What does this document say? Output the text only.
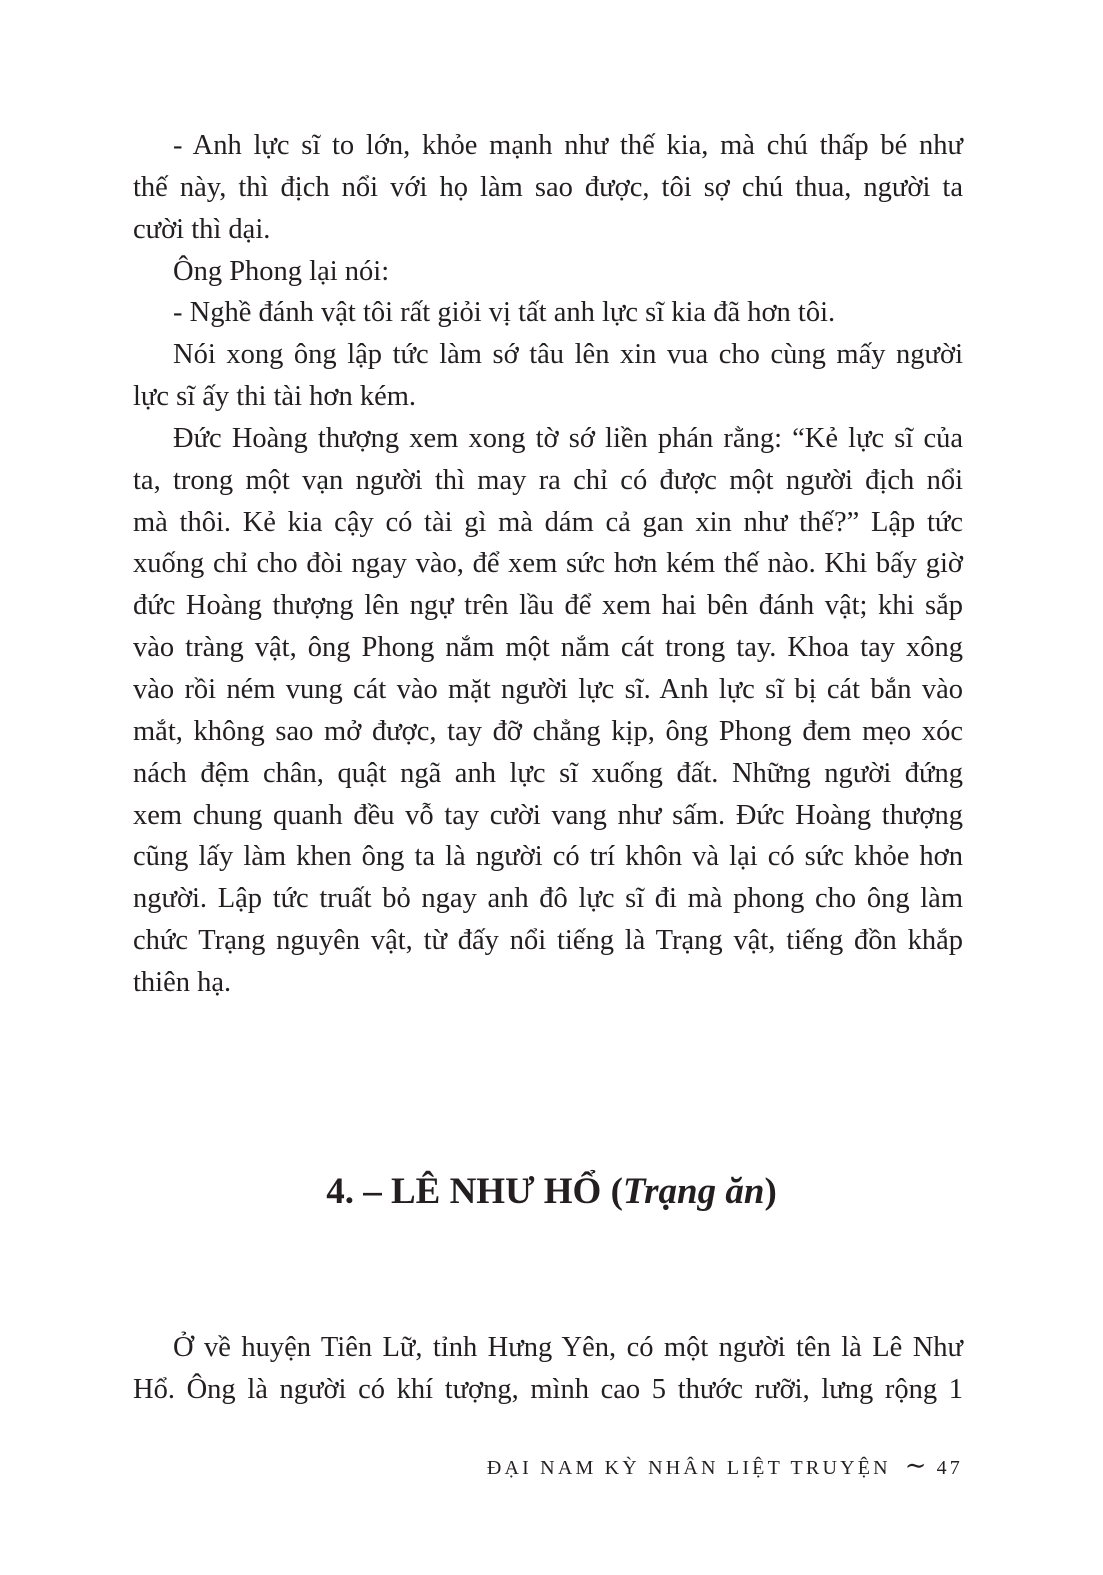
- Anh lực sĩ to lớn, khỏe mạnh như thế kia, mà chú thấp bé như
thế này, thì địch nổi với họ làm sao được, tôi sợ chú thua, người ta
cười thì dại.
Ông Phong lại nói:
- Nghề đánh vật tôi rất giỏi vị tất anh lực sĩ kia đã hơn tôi.
Nói xong ông lập tức làm sớ tâu lên xin vua cho cùng mấy người
lực sĩ ấy thi tài hơn kém.
Đức Hoàng thượng xem xong tờ sớ liền phán rằng: “Kẻ lực sĩ của
ta, trong một vạn người thì may ra chỉ có được một người địch nổi
mà thôi. Kẻ kia cậy có tài gì mà dám cả gan xin như thế?” Lập tức
xuống chỉ cho đòi ngay vào, để xem sức hơn kém thế nào. Khi bấy giờ
đức Hoàng thượng lên ngự trên lầu để xem hai bên đánh vật; khi sắp
vào tràng vật, ông Phong nắm một nắm cát trong tay. Khoa tay xông
vào rồi ném vung cát vào mặt người lực sĩ. Anh lực sĩ bị cát bắn vào
mắt, không sao mở được, tay đỡ chẳng kịp, ông Phong đem mẹo xóc
nách đệm chân, quật ngã anh lực sĩ xuống đất. Những người đứng
xem chung quanh đều vỗ tay cười vang như sấm. Đức Hoàng thượng
cũng lấy làm khen ông ta là người có trí khôn và lại có sức khỏe hơn
người. Lập tức truất bỏ ngay anh đô lực sĩ đi mà phong cho ông làm
chức Trạng nguyên vật, từ đấy nổi tiếng là Trạng vật, tiếng đồn khắp
thiên hạ.
4. – LÊ NHƯ HỔ (Trạng ăn)
Ở về huyện Tiên Lữ, tỉnh Hưng Yên, có một người tên là Lê Như
Hổ. Ông là người có khí tượng, mình cao 5 thước rưỡi, lưng rộng 1
ĐẠI NAM KỲ NHÂN LIỆT TRUYỆN ∼ 47
